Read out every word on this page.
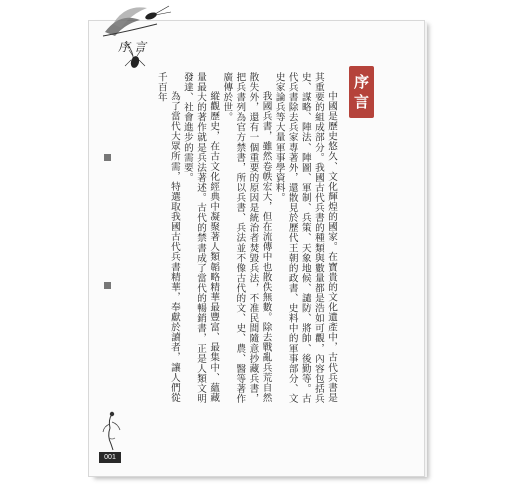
序言
序
言

中國是歷史悠久、文化輝煌的國家。在寶貴的文化遺產中，古代兵書是其重要的組成部分。我國古代兵書的種類與數量都是浩如可觀，內容包括兵史、謀略、陣法、陣圖、軍制、兵策、天象地候、譴防、將帥、後勤等。古代兵書除去兵家專著外，還散見於歷代王朝的政書、史料中的軍事部分、文史家論兵等大量軍事學資料。

我國兵書，雖然卷帙宏大，但在流傳中也散佚無數。除去戰亂兵荒自然散失外，還有一個重要的原因是統治者焚毀兵法，不准民間隨意抄藏兵書，把兵書列為官方禁書，所以兵書、兵法並不像古代的文、史、農、醫等著作廣傳於世。

縱觀歷史，在古文化經典中凝聚著人類韜略精華最豐富、最集中、蘊藏量最大的著作就是兵法著述。古代的禁書成了當代的暢銷書，正是人類文明發達、社會進步的需要。

為了當代大眾所需，特選取我國古代兵書精華，奉獻於讀者，讓人們從千百年

001
